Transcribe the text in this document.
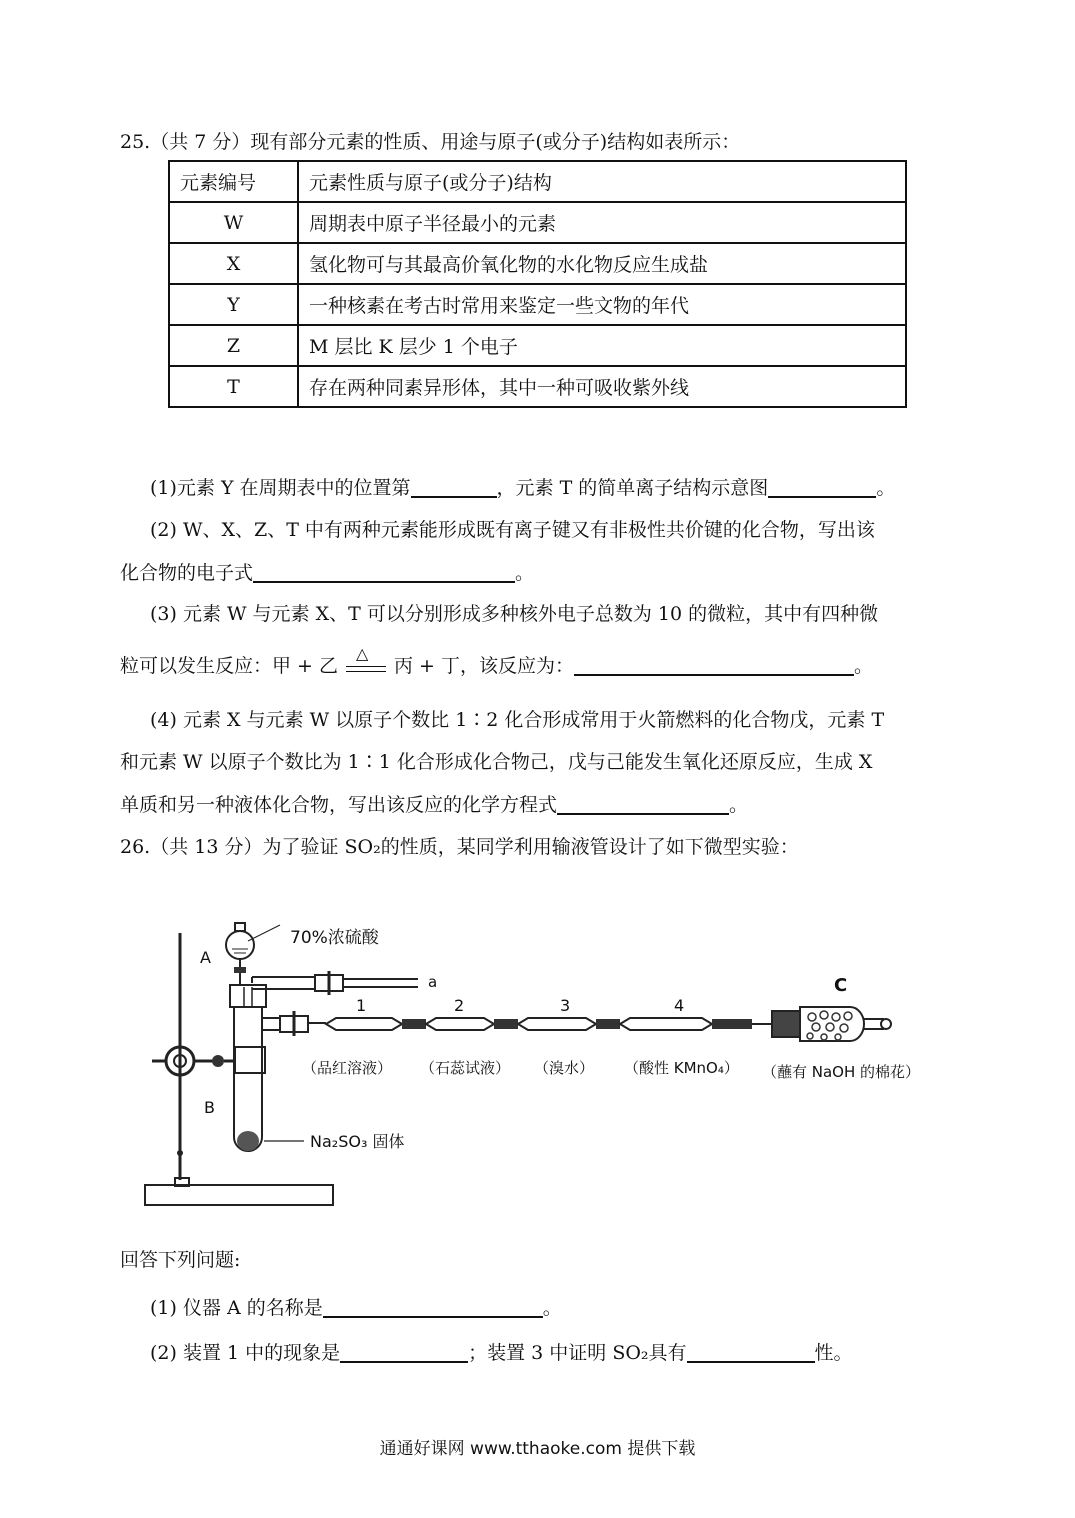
25.（共 7 分）现有部分元素的性质、用途与原子(或分子)结构如表所示：
元素编号	元素性质与原子(或分子)结构
W	周期表中原子半径最小的元素
X	氢化物可与其最高价氧化物的水化物反应生成盐
Y	一种核素在考古时常用来鉴定一些文物的年代
Z	M 层比 K 层少 1 个电子
T	存在两种同素异形体，其中一种可吸收紫外线
(1)元素 Y 在周期表中的位置第	，元素 T 的简单离子结构示意图	。
(2) W、X、Z、T 中有两种元素能形成既有离子键又有非极性共价键的化合物，写出该
化合物的电子式	。
(3) 元素 W 与元素 X、T 可以分别形成多种核外电子总数为 10 的微粒，其中有四种微
粒可以发生反应：甲 + 乙
△
丙 + 丁，该反应为：	。
(4) 元素 X 与元素 W 以原子个数比 1∶2 化合形成常用于火箭燃料的化合物戊，元素 T
和元素 W 以原子个数比为 1∶1 化合形成化合物己，戊与己能发生氧化还原反应，生成 X
单质和另一种液体化合物，写出该反应的化学方程式	。
26.（共 13 分）为了验证 SO₂的性质，某同学利用输液管设计了如下微型实验：
70%浓硫酸
A
B
a	C
1	2	3	4
（品红溶液） （石蕊试液） （溴水） （酸性 KMnO₄） （蘸有 NaOH 的棉花）
Na₂SO₃ 固体
回答下列问题:
(1) 仪器 A 的名称是	。
(2) 装置 1 中的现象是	；装置 3 中证明 SO₂具有	性。
通通好课网 www.tthaoke.com 提供下载
